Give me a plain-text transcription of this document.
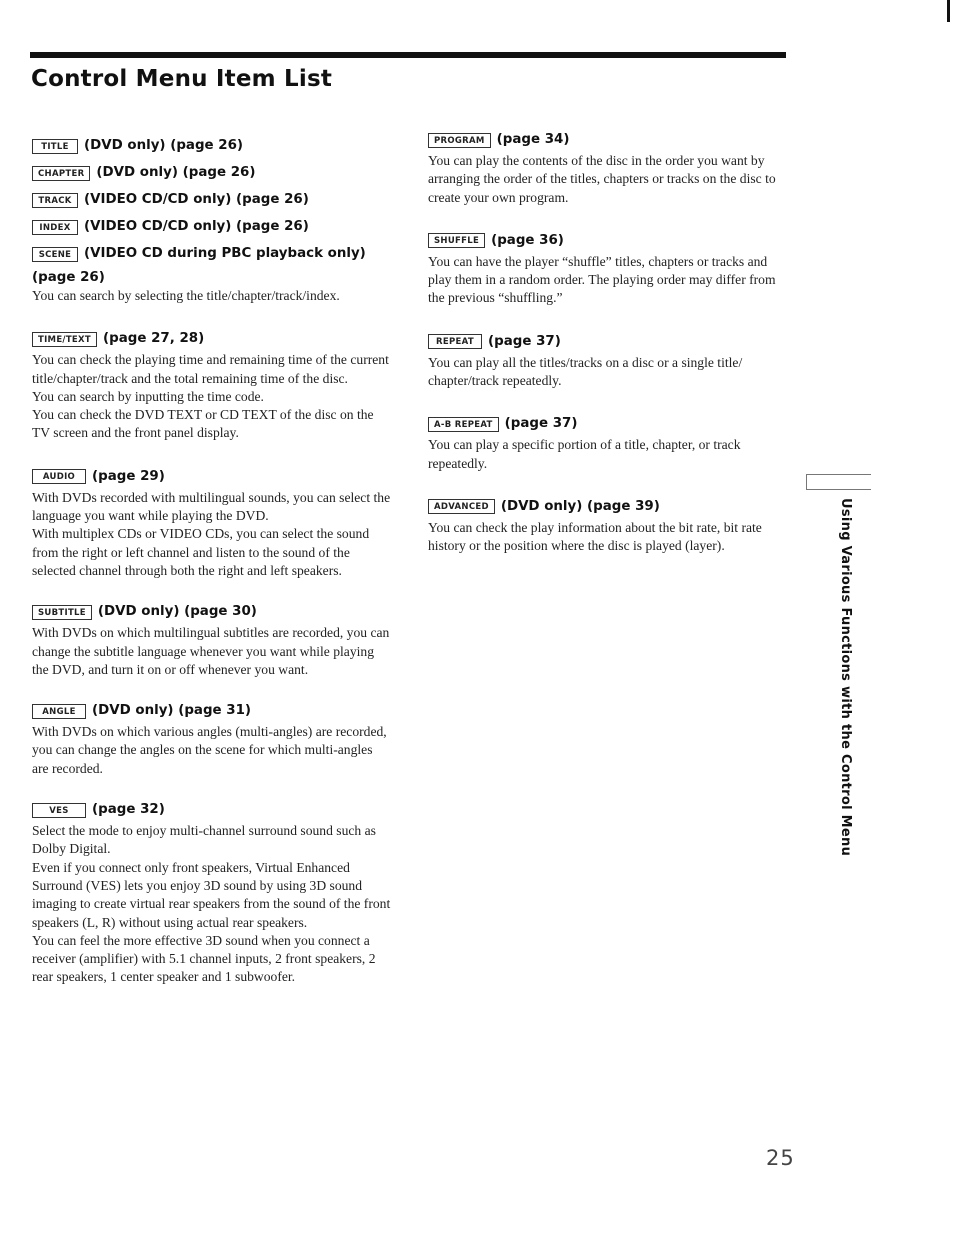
Control Menu Item List
TITLE	(DVD only) (page 26)
CHAPTER (DVD only) (page 26)
TRACK (VIDEO CD/CD only) (page 26)
INDEX	(VIDEO CD/CD only) (page 26)
SCENE (VIDEO CD during PBC playback only)
(page 26)

You can search by selecting the title/chapter/track/index.

TIME/TEXT (page 27, 28)

You can check the playing time and remaining time of the current title/chapter/track and the total remaining time of the disc.
You can search by inputting the time code.
You can check the DVD TEXT or CD TEXT of the disc on the TV screen and the front panel display.

AUDIO	(page 29)

With DVDs recorded with multilingual sounds, you can select the language you want while playing the DVD.
With multiplex CDs or VIDEO CDs, you can select the sound from the right or left channel and listen to the sound of the selected channel through both the right and left speakers.

SUBTITLE (DVD only) (page 30)

With DVDs on which multilingual subtitles are recorded, you can change the subtitle language whenever you want while playing the DVD, and turn it on or off whenever you want.

ANGLE	(DVD only) (page 31)

With DVDs on which various angles (multi-angles) are recorded, you can change the angles on the scene for which multi-angles are recorded.

VES	(page 32)

Select the mode to enjoy multi-channel surround sound such as Dolby Digital.
Even if you connect only front speakers, Virtual Enhanced Surround (VES) lets you enjoy 3D sound by using 3D sound imaging to create virtual rear speakers from the sound of the front speakers (L, R) without using actual rear speakers.
You can feel the more effective 3D sound when you connect a receiver (amplifier) with 5.1 channel inputs, 2 front speakers, 2 rear speakers, 1 center speaker and 1 subwoofer.

PROGRAM (page 34)

You can play the contents of the disc in the order you want by arranging the order of the titles, chapters or tracks on the disc to create your own program.

SHUFFLE (page 36)

You can have the player “shuffle” titles, chapters or tracks and play them in a random order. The playing order may differ from the previous “shuffling.”

REPEAT	(page 37)

You can play all the titles/tracks on a disc or a single title/ chapter/track repeatedly.

A-B REPEAT (page 37)

You can play a specific portion of a title, chapter, or track repeatedly.

ADVANCED (DVD only) (page 39)

You can check the play information about the bit rate, bit rate history or the position where the disc is played (layer).	Using Various Functions with the Control Menu
25
